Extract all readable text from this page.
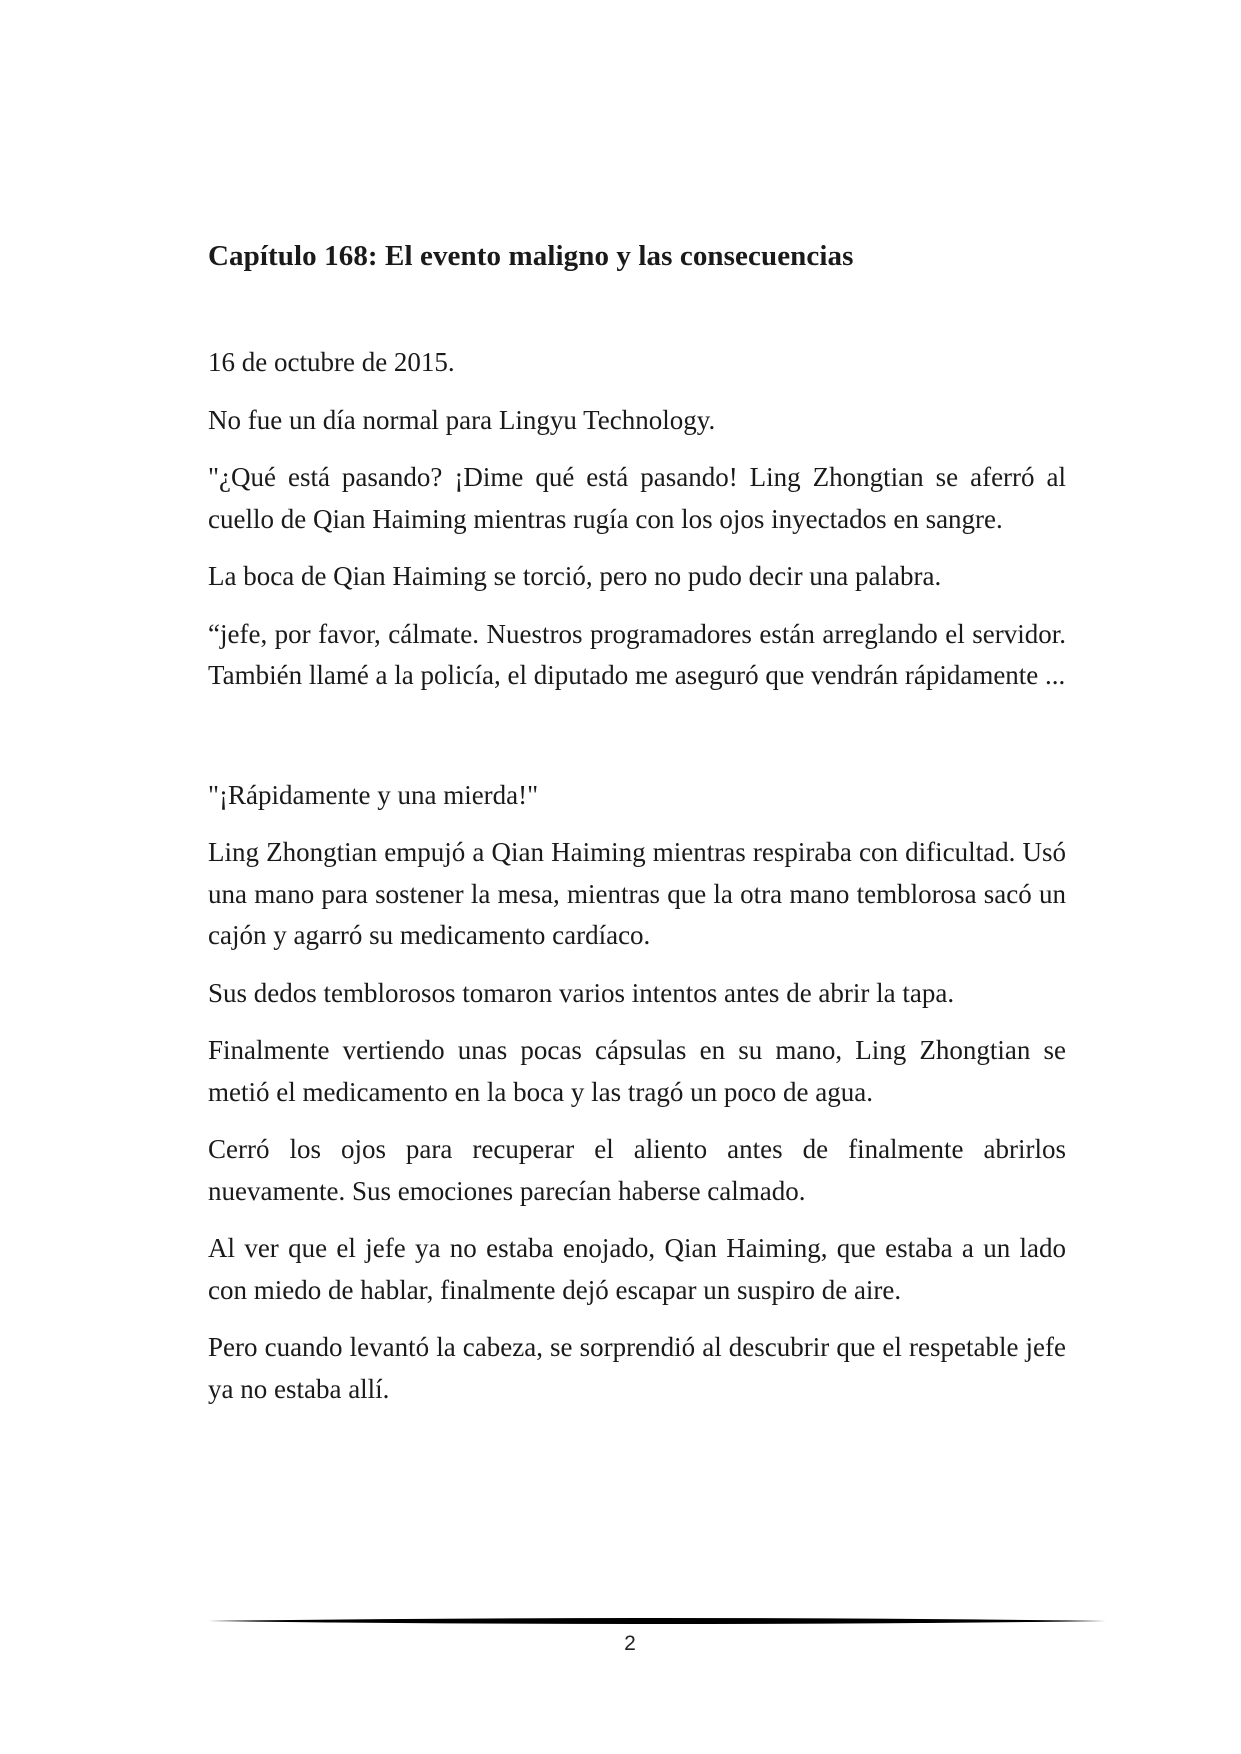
Capítulo 168: El evento maligno y las consecuencias

16 de octubre de 2015.

No fue un día normal para Lingyu Technology.

"¿Qué está pasando? ¡Dime qué está pasando! Ling Zhongtian se aferró al cuello de Qian Haiming mientras rugía con los ojos inyectados en sangre.

La boca de Qian Haiming se torció, pero no pudo decir una palabra.

“jefe, por favor, cálmate. Nuestros programadores están arreglando el servidor. También llamé a la policía, el diputado me aseguró que vendrán rápidamente ...

"¡Rápidamente y una mierda!"

Ling Zhongtian empujó a Qian Haiming mientras respiraba con dificultad. Usó una mano para sostener la mesa, mientras que la otra mano temblorosa sacó un cajón y agarró su medicamento cardíaco.

Sus dedos temblorosos tomaron varios intentos antes de abrir la tapa.

Finalmente vertiendo unas pocas cápsulas en su mano, Ling Zhongtian se metió el medicamento en la boca y las tragó un poco de agua.

Cerró los ojos para recuperar el aliento antes de finalmente abrirlos nuevamente. Sus emociones parecían haberse calmado.

Al ver que el jefe ya no estaba enojado, Qian Haiming, que estaba a un lado con miedo de hablar, finalmente dejó escapar un suspiro de aire.

Pero cuando levantó la cabeza, se sorprendió al descubrir que el respetable jefe ya no estaba allí.

2
